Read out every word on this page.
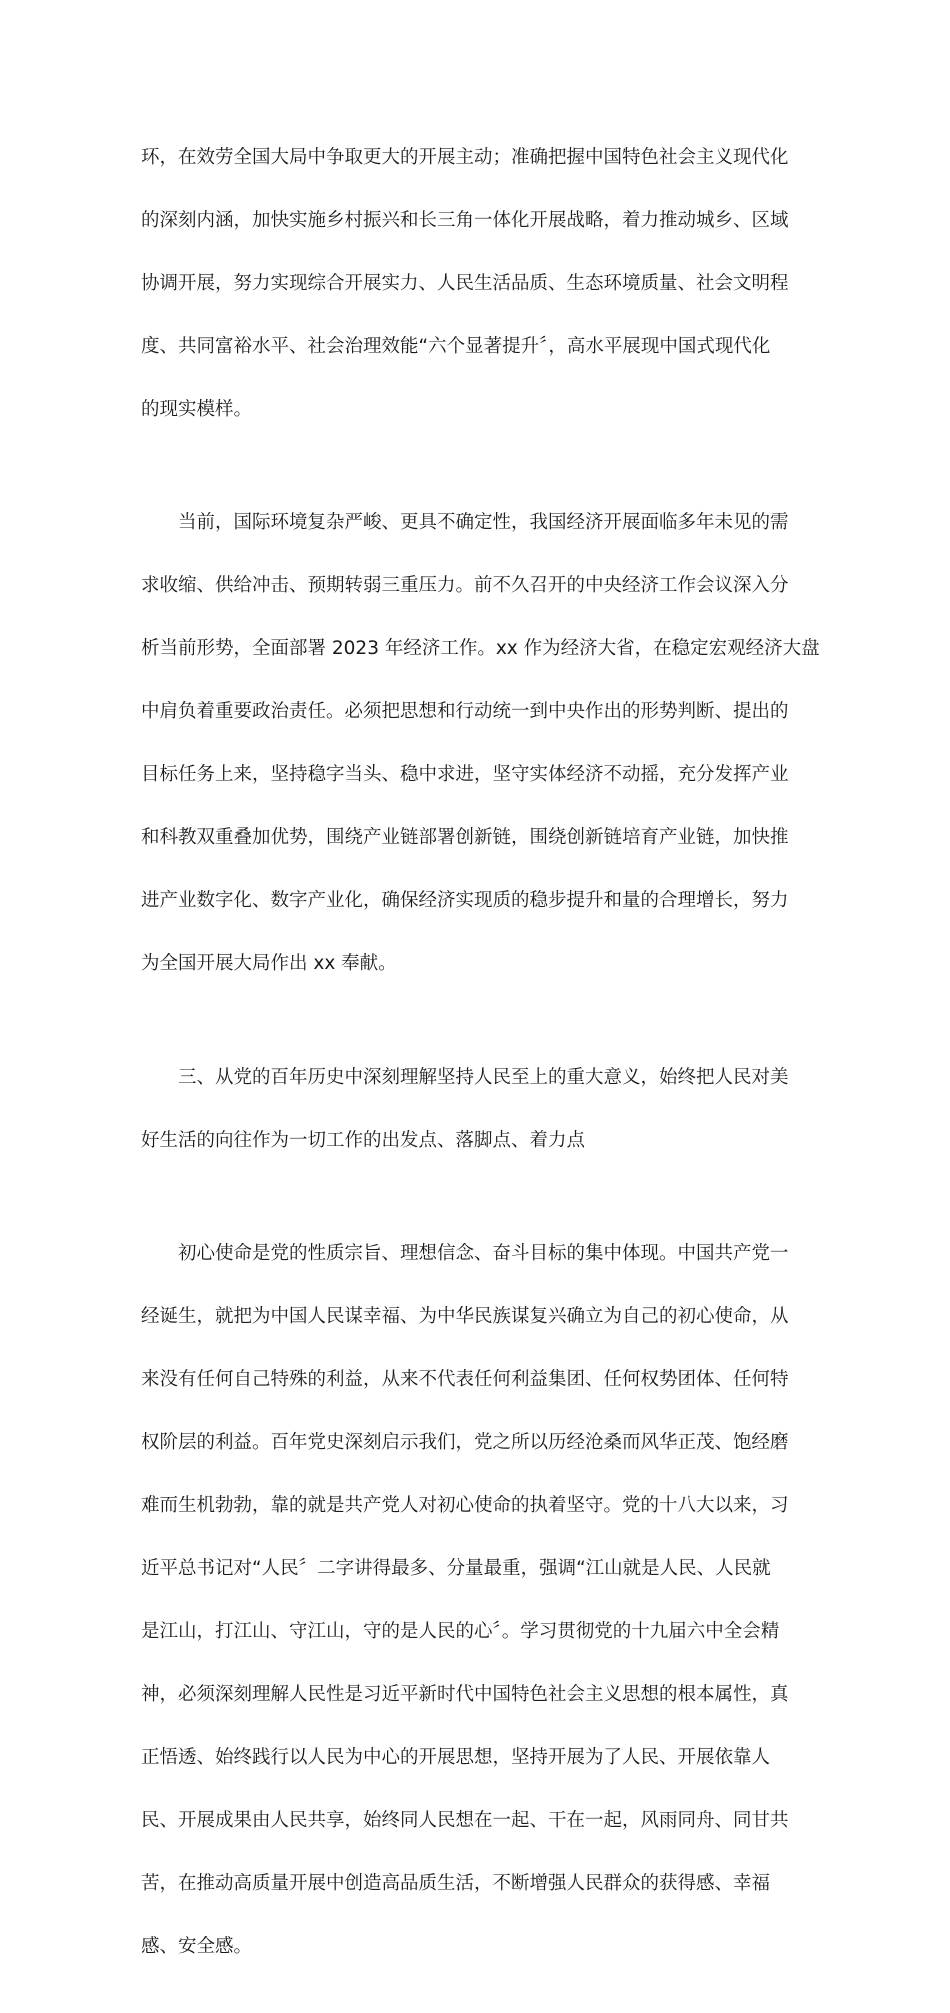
环，在效劳全国大局中争取更大的开展主动；准确把握中国特色社会主义现代化

的深刻内涵，加快实施乡村振兴和长三角一体化开展战略，着力推动城乡、区域

协调开展，努力实现综合开展实力、人民生活品质、生态环境质量、社会文明程

度、共同富裕水平、社会治理效能“六个显著提升〞，高水平展现中国式现代化

的现实模样。

当前，国际环境复杂严峻、更具不确定性，我国经济开展面临多年未见的需

求收缩、供给冲击、预期转弱三重压力。前不久召开的中央经济工作会议深入分

析当前形势，全面部署 2023 年经济工作。xx 作为经济大省，在稳定宏观经济大盘

中肩负着重要政治责任。必须把思想和行动统一到中央作出的形势判断、提出的

目标任务上来，坚持稳字当头、稳中求进，坚守实体经济不动摇，充分发挥产业

和科教双重叠加优势，围绕产业链部署创新链，围绕创新链培育产业链，加快推

进产业数字化、数字产业化，确保经济实现质的稳步提升和量的合理增长，努力

为全国开展大局作出 xx 奉献。

三、从党的百年历史中深刻理解坚持人民至上的重大意义，始终把人民对美

好生活的向往作为一切工作的出发点、落脚点、着力点

初心使命是党的性质宗旨、理想信念、奋斗目标的集中体现。中国共产党一

经诞生，就把为中国人民谋幸福、为中华民族谋复兴确立为自己的初心使命，从

来没有任何自己特殊的利益，从来不代表任何利益集团、任何权势团体、任何特

权阶层的利益。百年党史深刻启示我们，党之所以历经沧桑而风华正茂、饱经磨

难而生机勃勃，靠的就是共产党人对初心使命的执着坚守。党的十八大以来，习

近平总书记对“人民〞二字讲得最多、分量最重，强调“江山就是人民、人民就

是江山，打江山、守江山，守的是人民的心〞。学习贯彻党的十九届六中全会精

神，必须深刻理解人民性是习近平新时代中国特色社会主义思想的根本属性，真

正悟透、始终践行以人民为中心的开展思想，坚持开展为了人民、开展依靠人

民、开展成果由人民共享，始终同人民想在一起、干在一起，风雨同舟、同甘共

苦，在推动高质量开展中创造高品质生活，不断增强人民群众的获得感、幸福

感、安全感。
